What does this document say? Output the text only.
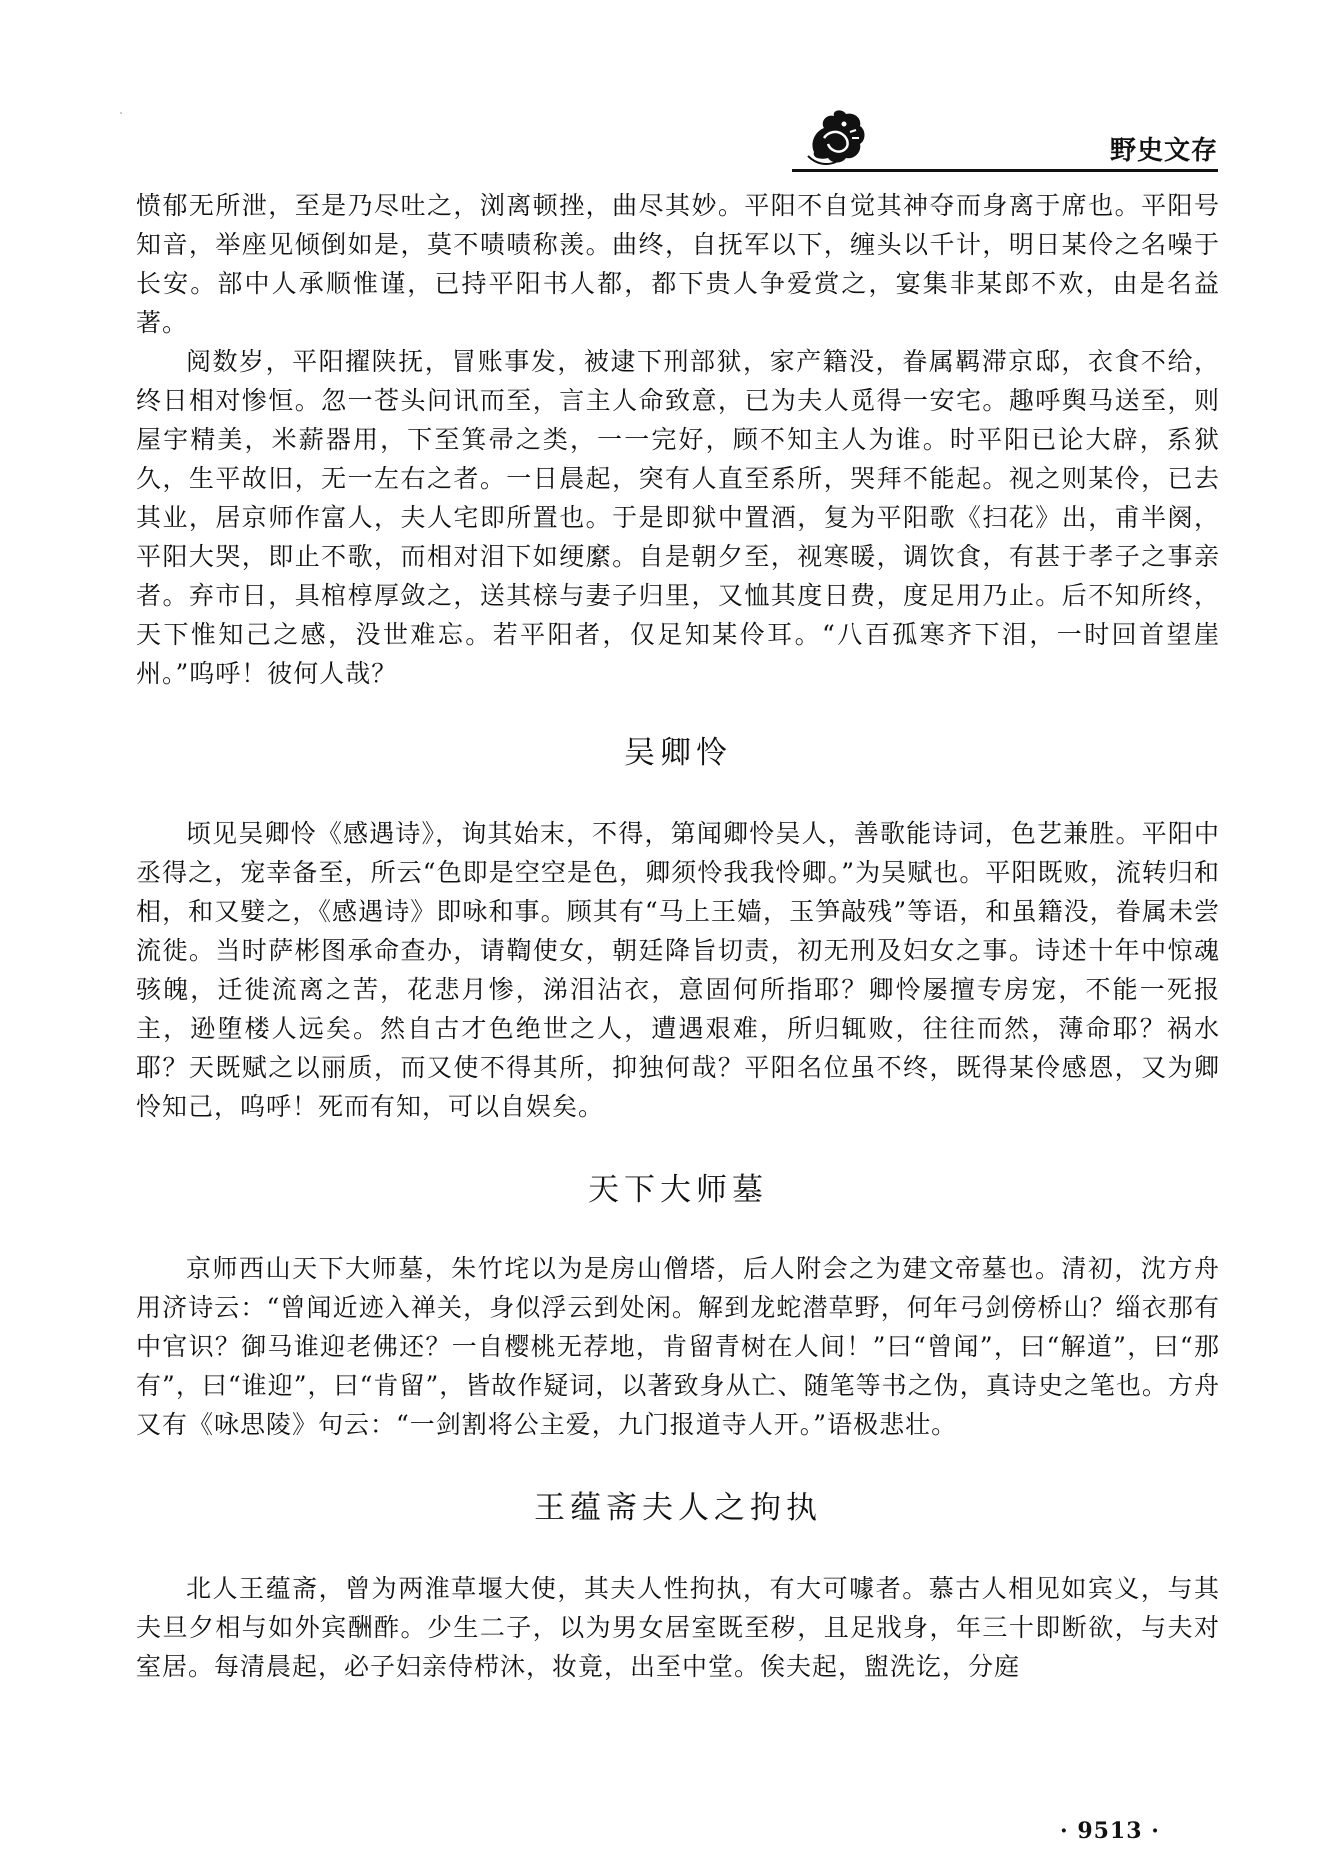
野史文存

愤郁无所泄，至是乃尽吐之，浏离顿挫，曲尽其妙。平阳不自觉其神夺而身离于席也。平阳号知音，举座见倾倒如是，莫不啧啧称羡。曲终，自抚军以下，缠头以千计，明日某伶之名噪于长安。部中人承顺惟谨，已持平阳书人都，都下贵人争爱赏之，宴集非某郎不欢，由是名益著。

阅数岁，平阳擢陕抚，冒账事发，被逮下刑部狱，家产籍没，眷属羁滞京邸，衣食不给，终日相对惨恒。忽一苍头问讯而至，言主人命致意，已为夫人觅得一安宅。趣呼舆马送至，则屋宇精美，米薪器用，下至箕帚之类，一一完好，顾不知主人为谁。时平阳已论大辟，系狱久，生平故旧，无一左右之者。一日晨起，突有人直至系所，哭拜不能起。视之则某伶，已去其业，居京师作富人，夫人宅即所置也。于是即狱中置酒，复为平阳歌《扫花》出，甫半阕，平阳大哭，即止不歌，而相对泪下如绠縻。自是朝夕至，视寒暖，调饮食，有甚于孝子之事亲者。弃市日，具棺椁厚敛之，送其榇与妻子归里，又恤其度日费，度足用乃止。后不知所终，天下惟知己之感，没世难忘。若平阳者，仅足知某伶耳。“八百孤寒齐下泪，一时回首望崖州。”呜呼！彼何人哉？

吴卿怜

顷见吴卿怜《感遇诗》，询其始末，不得，第闻卿怜吴人，善歌能诗词，色艺兼胜。平阳中丞得之，宠幸备至，所云“色即是空空是色，卿须怜我我怜卿。”为吴赋也。平阳既败，流转归和相，和又嬖之，《感遇诗》即咏和事。顾其有“马上王嫱，玉笋敲残”等语，和虽籍没，眷属未尝流徙。当时萨彬图承命查办，请鞫使女，朝廷降旨切责，初无刑及妇女之事。诗述十年中惊魂骇魄，迁徙流离之苦，花悲月惨，涕泪沾衣，意固何所指耶？卿怜屡擅专房宠，不能一死报主，逊堕楼人远矣。然自古才色绝世之人，遭遇艰难，所归辄败，往往而然，薄命耶？祸水耶？天既赋之以丽质，而又使不得其所，抑独何哉？平阳名位虽不终，既得某伶感恩，又为卿怜知己，呜呼！死而有知，可以自娱矣。

天下大师墓

京师西山天下大师墓，朱竹垞以为是房山僧塔，后人附会之为建文帝墓也。清初，沈方舟用济诗云：“曾闻近迹入禅关，身似浮云到处闲。解到龙蛇潜草野，何年弓剑傍桥山？缁衣那有中官识？御马谁迎老佛还？一自樱桃无荐地，肯留青树在人间！”曰“曾闻”，曰“解道”，曰“那有”，曰“谁迎”，曰“肯留”，皆故作疑词，以著致身从亡、随笔等书之伪，真诗史之笔也。方舟又有《咏思陵》句云：“一剑割将公主爱，九门报道寺人开。”语极悲壮。

王蕴斋夫人之拘执

北人王蕴斋，曾为两淮草堰大使，其夫人性拘执，有大可噱者。慕古人相见如宾义，与其夫旦夕相与如外宾酬酢。少生二子，以为男女居室既至秽，且足戕身，年三十即断欲，与夫对室居。每清晨起，必子妇亲侍栉沐，妆竟，出至中堂。俟夫起，盥洗讫，分庭

· 9513 ·
